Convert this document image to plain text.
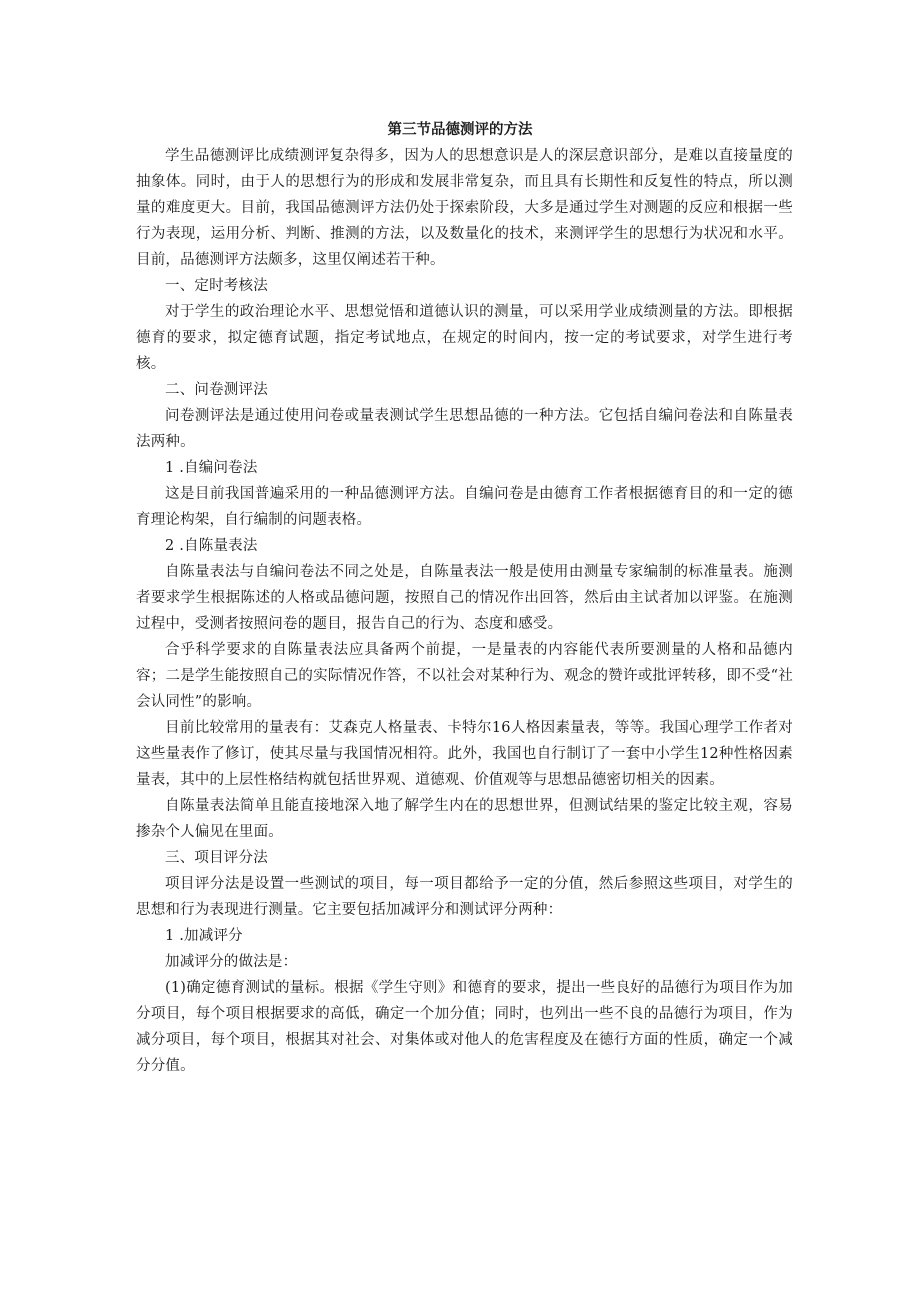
第三节品德测评的方法

学生品德测评比成绩测评复杂得多，因为人的思想意识是人的深层意识部分，是难以直接量度的抽象体。同时，由于人的思想行为的形成和发展非常复杂，而且具有长期性和反复性的特点，所以测量的难度更大。目前，我国品德测评方法仍处于探索阶段，大多是通过学生对测题的反应和根据一些行为表现，运用分析、判断、推测的方法，以及数量化的技术，来测评学生的思想行为状况和水平。目前，品德测评方法颇多，这里仅阐述若干种。

一、定时考核法

对于学生的政治理论水平、思想觉悟和道德认识的测量，可以采用学业成绩测量的方法。即根据德育的要求，拟定德育试题，指定考试地点，在规定的时间内，按一定的考试要求，对学生进行考核。

二、问卷测评法

问卷测评法是通过使用问卷或量表测试学生思想品德的一种方法。它包括自编问卷法和自陈量表法两种。

1 .自编问卷法

这是目前我国普遍采用的一种品德测评方法。自编问卷是由德育工作者根据德育目的和一定的德育理论构架，自行编制的问题表格。

2 .自陈量表法

自陈量表法与自编问卷法不同之处是，自陈量表法一般是使用由测量专家编制的标准量表。施测者要求学生根据陈述的人格或品德问题，按照自己的情况作出回答，然后由主试者加以评鉴。在施测过程中，受测者按照问卷的题目，报告自己的行为、态度和感受。

合乎科学要求的自陈量表法应具备两个前提，一是量表的内容能代表所要测量的人格和品德内容；二是学生能按照自己的实际情况作答，不以社会对某种行为、观念的赞许或批评转移，即不受“社会认同性”的影响。

目前比较常用的量表有：艾森克人格量表、卡特尔16人格因素量表，等等。我国心理学工作者对这些量表作了修订，使其尽量与我国情况相符。此外，我国也自行制订了一套中小学生12种性格因素量表，其中的上层性格结构就包括世界观、道德观、价值观等与思想品德密切相关的因素。

自陈量表法简单且能直接地深入地了解学生内在的思想世界，但测试结果的鉴定比较主观，容易掺杂个人偏见在里面。

三、项目评分法

项目评分法是设置一些测试的项目，每一项目都给予一定的分值，然后参照这些项目，对学生的思想和行为表现进行测量。它主要包括加减评分和测试评分两种：

1 .加减评分

加减评分的做法是：

(1)确定德育测试的量标。根据《学生守则》和德育的要求，提出一些良好的品德行为项目作为加分项目，每个项目根据要求的高低，确定一个加分值；同时，也列出一些不良的品德行为项目，作为减分项目，每个项目，根据其对社会、对集体或对他人的危害程度及在德行方面的性质，确定一个减分分值。
